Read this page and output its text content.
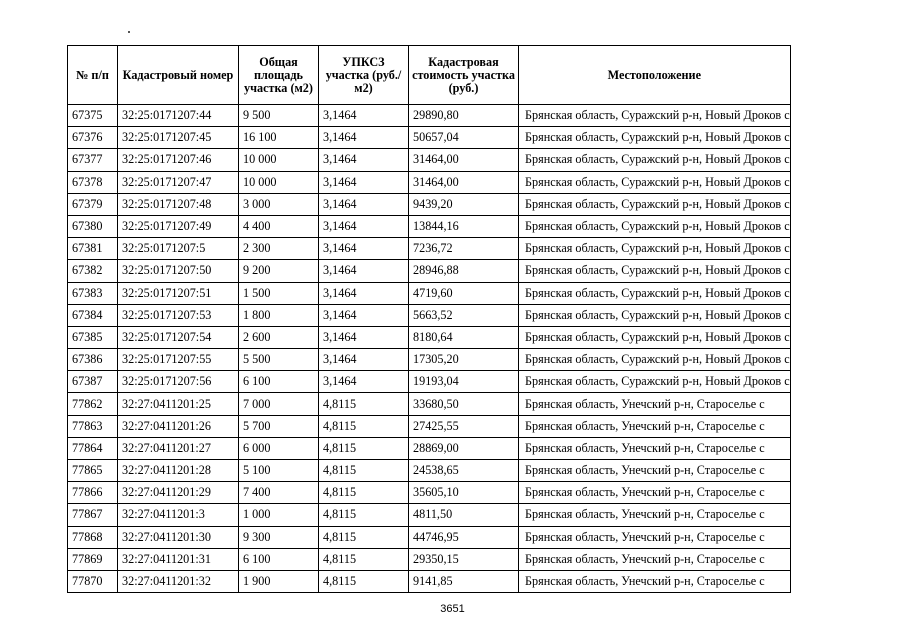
№ п/п	Кадастровый номер	Общая площадь участка (м2)	УПКСЗ участка (руб./м2)	Кадастровая стоимость участка (руб.)	Местоположение
67375	32:25:0171207:44	9 500	3,1464	29890,80	Брянская область, Суражский р-н, Новый Дроков с
67376	32:25:0171207:45	16 100	3,1464	50657,04	Брянская область, Суражский р-н, Новый Дроков с
67377	32:25:0171207:46	10 000	3,1464	31464,00	Брянская область, Суражский р-н, Новый Дроков с
67378	32:25:0171207:47	10 000	3,1464	31464,00	Брянская область, Суражский р-н, Новый Дроков с
67379	32:25:0171207:48	3 000	3,1464	9439,20	Брянская область, Суражский р-н, Новый Дроков с
67380	32:25:0171207:49	4 400	3,1464	13844,16	Брянская область, Суражский р-н, Новый Дроков с
67381	32:25:0171207:5	2 300	3,1464	7236,72	Брянская область, Суражский р-н, Новый Дроков с
67382	32:25:0171207:50	9 200	3,1464	28946,88	Брянская область, Суражский р-н, Новый Дроков с
67383	32:25:0171207:51	1 500	3,1464	4719,60	Брянская область, Суражский р-н, Новый Дроков с
67384	32:25:0171207:53	1 800	3,1464	5663,52	Брянская область, Суражский р-н, Новый Дроков с
67385	32:25:0171207:54	2 600	3,1464	8180,64	Брянская область, Суражский р-н, Новый Дроков с
67386	32:25:0171207:55	5 500	3,1464	17305,20	Брянская область, Суражский р-н, Новый Дроков с
67387	32:25:0171207:56	6 100	3,1464	19193,04	Брянская область, Суражский р-н, Новый Дроков с
77862	32:27:0411201:25	7 000	4,8115	33680,50	Брянская область, Унечский р-н, Староселье с
77863	32:27:0411201:26	5 700	4,8115	27425,55	Брянская область, Унечский р-н, Староселье с
77864	32:27:0411201:27	6 000	4,8115	28869,00	Брянская область, Унечский р-н, Староселье с
77865	32:27:0411201:28	5 100	4,8115	24538,65	Брянская область, Унечский р-н, Староселье с
77866	32:27:0411201:29	7 400	4,8115	35605,10	Брянская область, Унечский р-н, Староселье с
77867	32:27:0411201:3	1 000	4,8115	4811,50	Брянская область, Унечский р-н, Староселье с
77868	32:27:0411201:30	9 300	4,8115	44746,95	Брянская область, Унечский р-н, Староселье с
77869	32:27:0411201:31	6 100	4,8115	29350,15	Брянская область, Унечский р-н, Староселье с
77870	32:27:0411201:32	1 900	4,8115	9141,85	Брянская область, Унечский р-н, Староселье с
3651
